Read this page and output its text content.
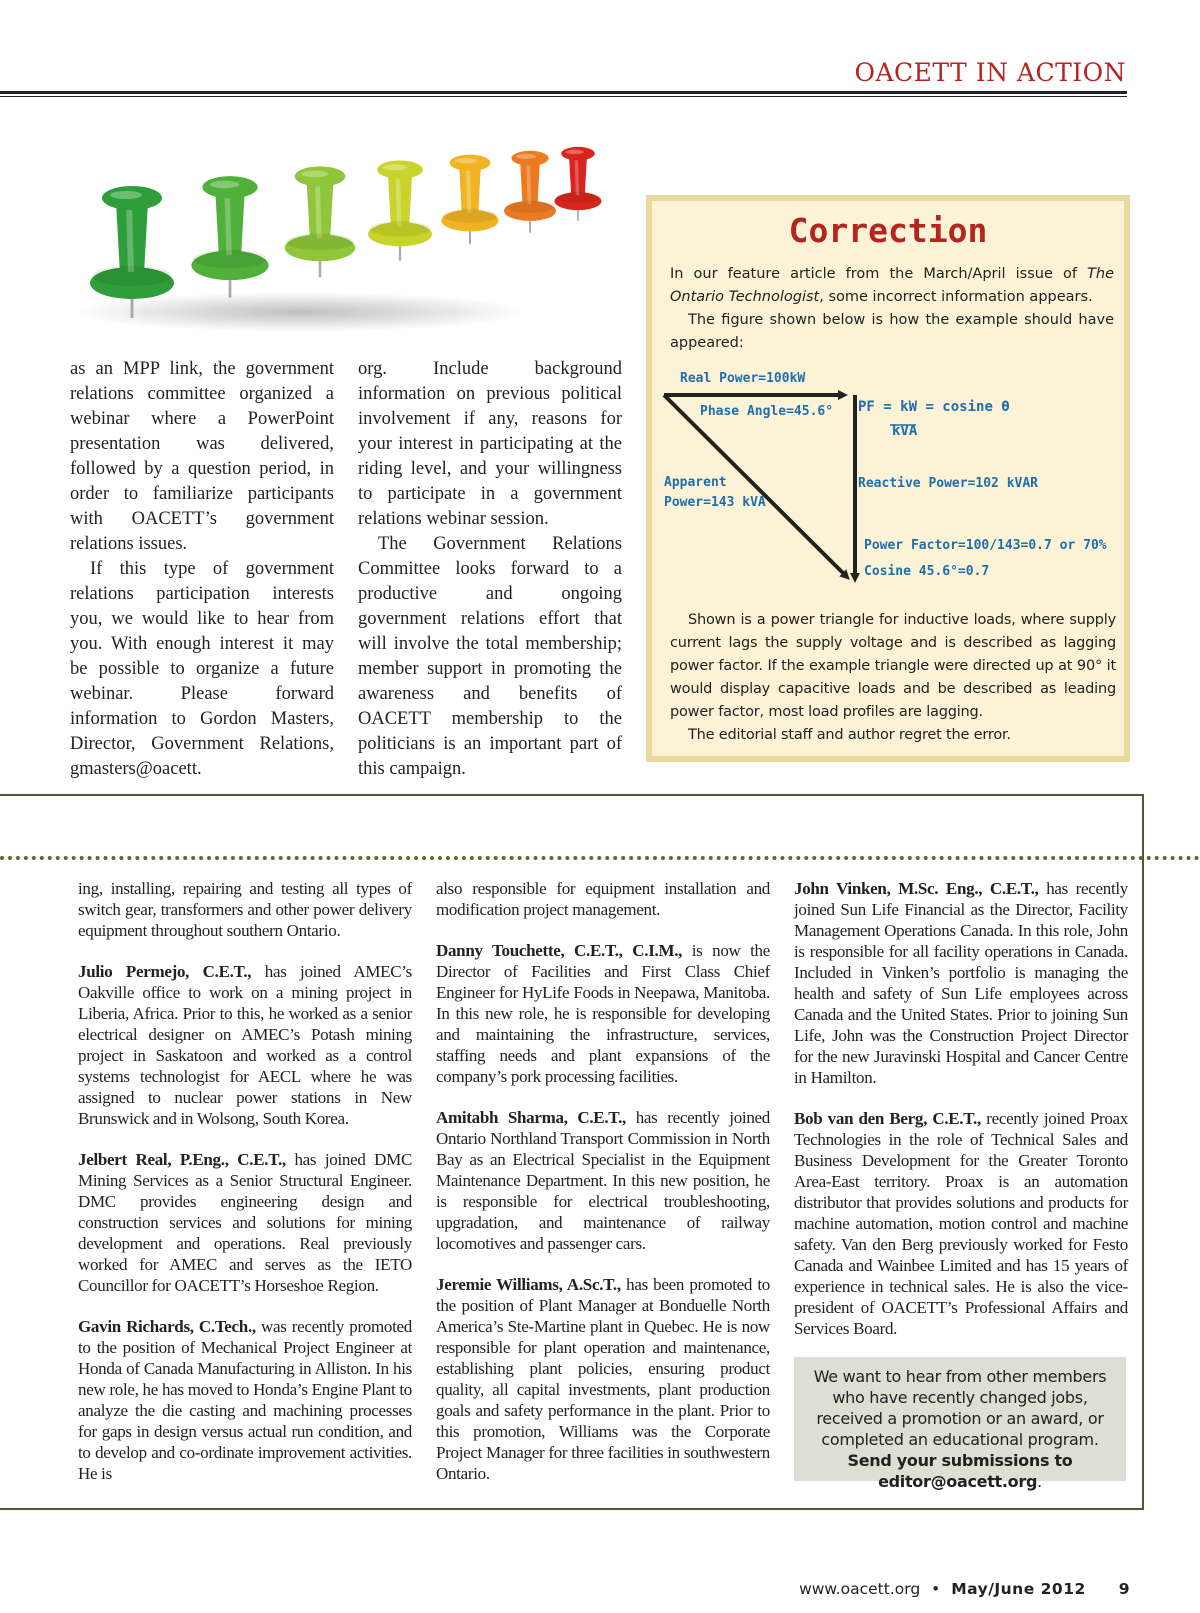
OACETT IN ACTION

as an MPP link, the government relations committee organized a webinar where a PowerPoint presentation was delivered, followed by a question period, in order to familiarize participants with OACETT’s government relations issues.

If this type of government relations participation interests you, we would like to hear from you. With enough interest it may be possible to organize a future webinar. Please forward information to Gordon Masters, Director, Government Relations, gmasters@oacett.

org. Include background information on previous political involvement if any, reasons for your interest in participating at the riding level, and your willingness to participate in a government relations webinar session.

The Government Relations Committee looks forward to a productive and ongoing government relations effort that will involve the total membership; member support in promoting the awareness and benefits of OACETT membership to the politicians is an important part of this campaign.

Correction

In our feature article from the March/April issue of The Ontario Technologist, some incorrect information appears.

The figure shown below is how the example should have appeared:

Real Power=100kW
Phase Angle=45.6° PF = kW = cosine ϴ
kVA
Apparent
Power=143 kVA
Reactive Power=102 kVAR
Power Factor=100/143=0.7 or 70%
Cosine 45.6°=0.7

Shown is a power triangle for inductive loads, where supply current lags the supply voltage and is described as lagging power factor. If the example triangle were directed up at 90° it would display capacitive loads and be described as leading power factor, most load profiles are lagging.

The editorial staff and author regret the error.

ing, installing, repairing and testing all types of switch gear, transformers and other power delivery equipment throughout southern Ontario.

Julio Permejo, C.E.T., has joined AMEC’s Oakville office to work on a mining project in Liberia, Africa. Prior to this, he worked as a senior electrical designer on AMEC’s Potash mining project in Saskatoon and worked as a control systems technologist for AECL where he was assigned to nuclear power stations in New Brunswick and in Wolsong, South Korea.

Jelbert Real, P.Eng., C.E.T., has joined DMC Mining Services as a Senior Structural Engineer. DMC provides engineering design and construction services and solutions for mining development and operations. Real previously worked for AMEC and serves as the IETO Councillor for OACETT’s Horseshoe Region.

Gavin Richards, C.Tech., was recently promoted to the position of Mechanical Project Engineer at Honda of Canada Manufacturing in Alliston. In his new role, he has moved to Honda’s Engine Plant to analyze the die casting and machining processes for gaps in design versus actual run condition, and to develop and co-ordinate improvement activities. He is

also responsible for equipment installation and modification project management.

Danny Touchette, C.E.T., C.I.M., is now the Director of Facilities and First Class Chief Engineer for HyLife Foods in Neepawa, Manitoba. In this new role, he is responsible for developing and maintaining the infrastructure, services, staffing needs and plant expansions of the company’s pork processing facilities.

Amitabh Sharma, C.E.T., has recently joined Ontario Northland Transport Commission in North Bay as an Electrical Specialist in the Equipment Maintenance Department. In this new position, he is responsible for electrical troubleshooting, upgradation, and maintenance of railway locomotives and passenger cars.

Jeremie Williams, A.Sc.T., has been promoted to the position of Plant Manager at Bonduelle North America’s Ste-Martine plant in Quebec. He is now responsible for plant operation and maintenance, establishing plant policies, ensuring product quality, all capital investments, plant production goals and safety performance in the plant. Prior to this promotion, Williams was the Corporate Project Manager for three facilities in southwestern Ontario.

John Vinken, M.Sc. Eng., C.E.T., has recently joined Sun Life Financial as the Director, Facility Management Operations Canada. In this role, John is responsible for all facility operations in Canada. Included in Vinken’s portfolio is managing the health and safety of Sun Life employees across Canada and the United States. Prior to joining Sun Life, John was the Construction Project Director for the new Juravinski Hospital and Cancer Centre in Hamilton.

Bob van den Berg, C.E.T., recently joined Proax Technologies in the role of Technical Sales and Business Development for the Greater Toronto Area-East territory. Proax is an automation distributor that provides solutions and products for machine automation, motion control and machine safety. Van den Berg previously worked for Festo Canada and Wainbee Limited and has 15 years of experience in technical sales. He is also the vice-president of OACETT’s Professional Affairs and Services Board.

We want to hear from other members who have recently changed jobs, received a promotion or an award, or completed an educational program. Send your submissions to editor@oacett.org.
www.oacett.org • May/June 2012 9
